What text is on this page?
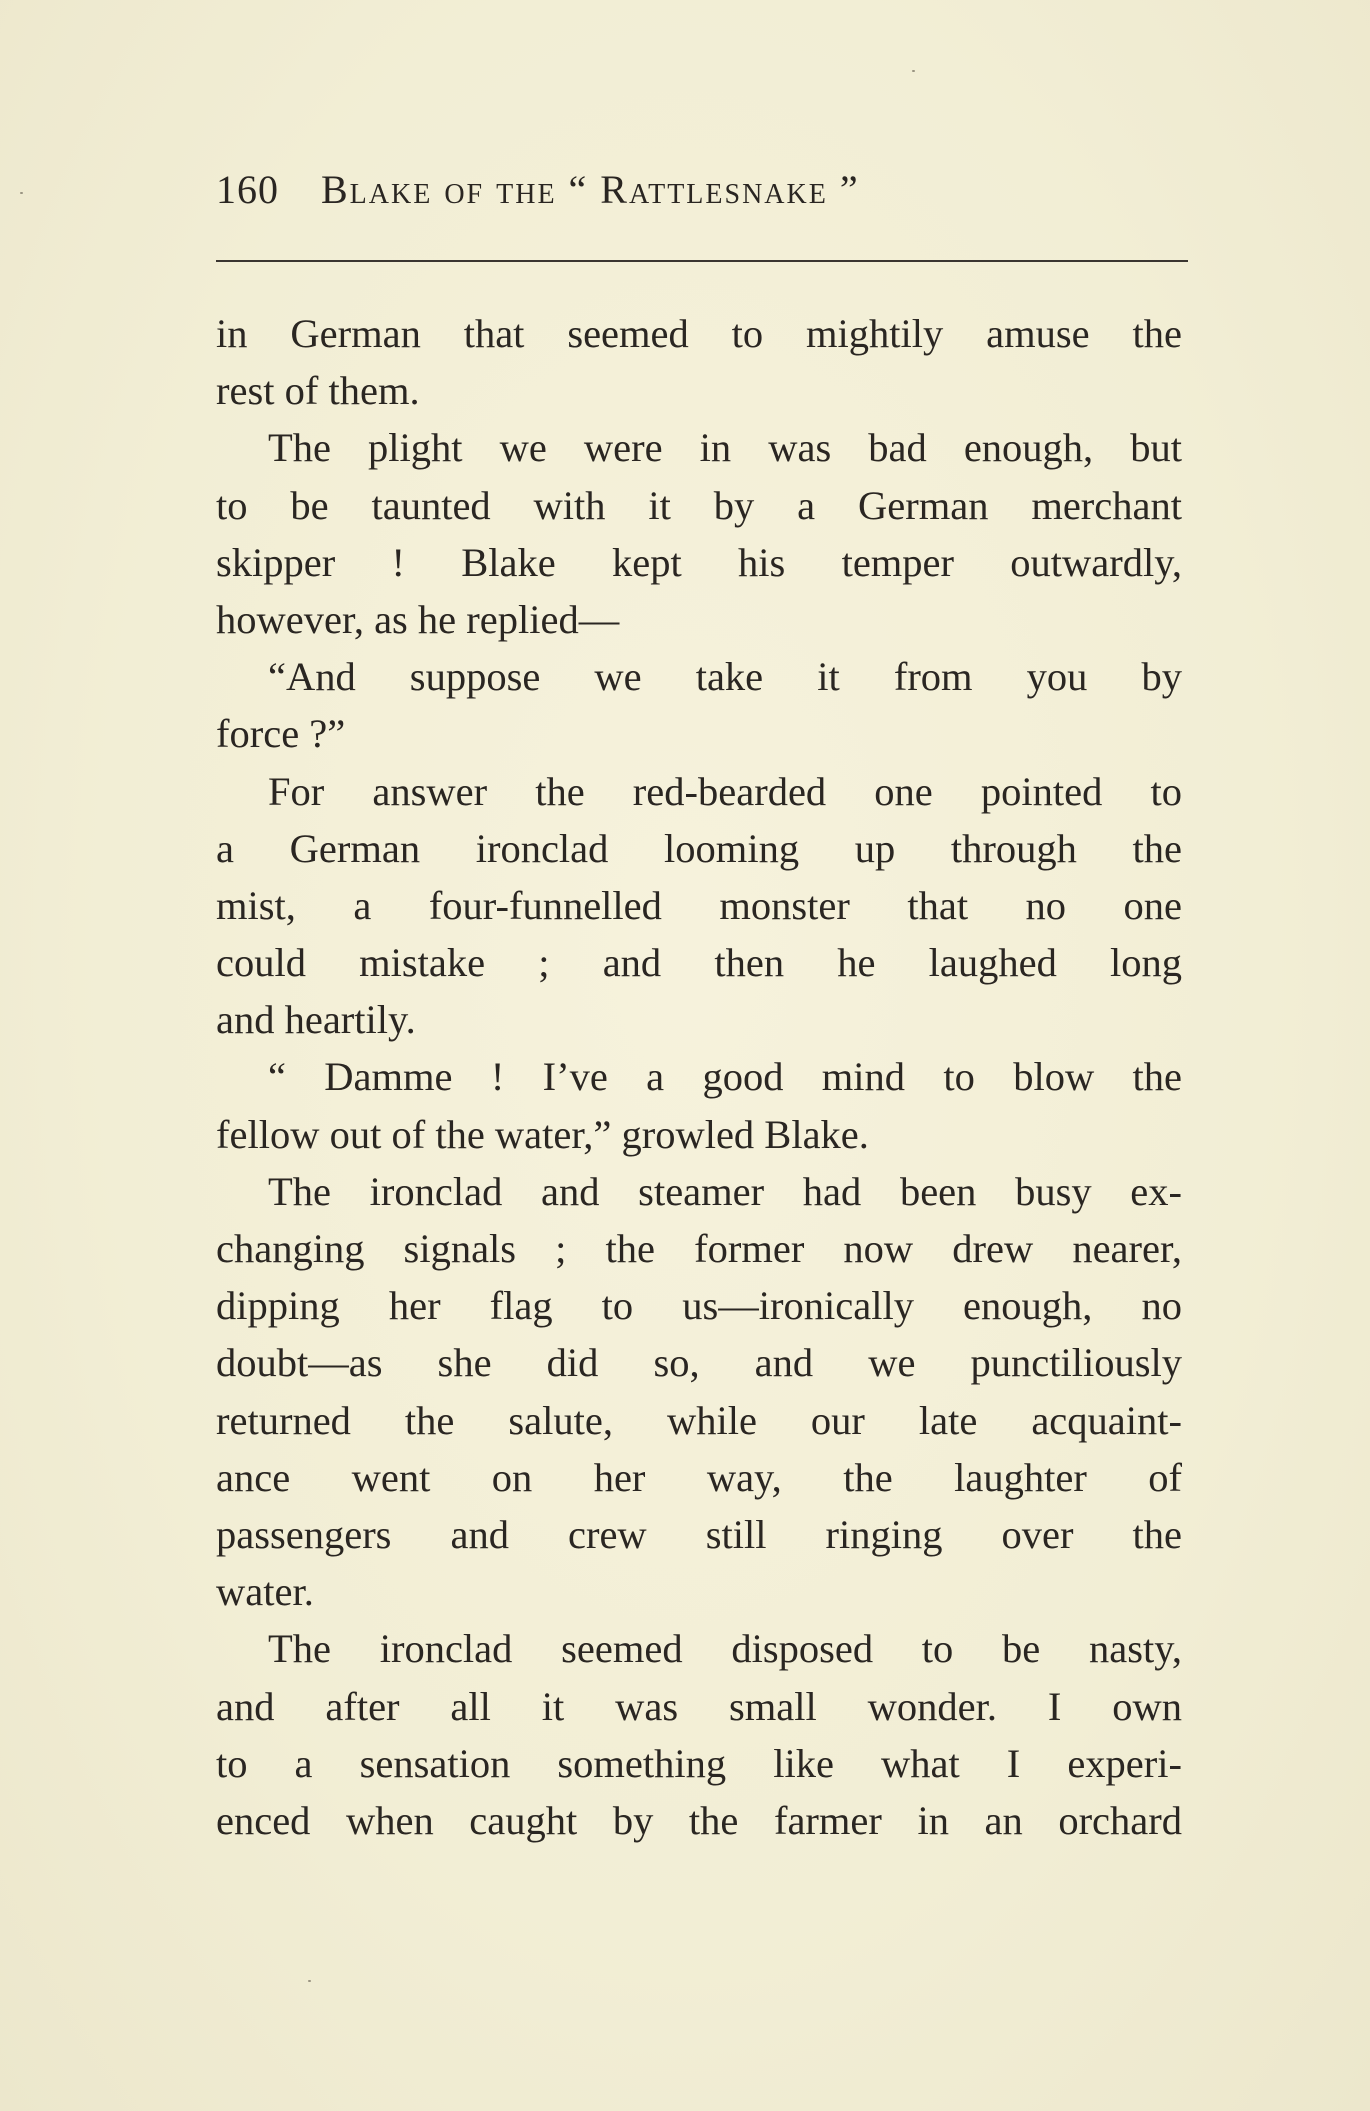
160 Blake of the “ Rattlesnake ”
in German that seemed to mightily amuse the
rest of them.
The plight we were in was bad enough, but
to be taunted with it by a German merchant
skipper ! Blake kept his temper outwardly,
however, as he replied—
“And suppose we take it from you by
force ?”
For answer the red-bearded one pointed to
a German ironclad looming up through the
mist, a four-funnelled monster that no one
could mistake ; and then he laughed long
and heartily.
“ Damme ! I’ve a good mind to blow the
fellow out of the water,” growled Blake.
The ironclad and steamer had been busy ex-
changing signals ; the former now drew nearer,
dipping her flag to us—ironically enough, no
doubt—as she did so, and we punctiliously
returned the salute, while our late acquaint-
ance went on her way, the laughter of
passengers and crew still ringing over the
water.
The ironclad seemed disposed to be nasty,
and after all it was small wonder. I own
to a sensation something like what I experi-
enced when caught by the farmer in an orchard
